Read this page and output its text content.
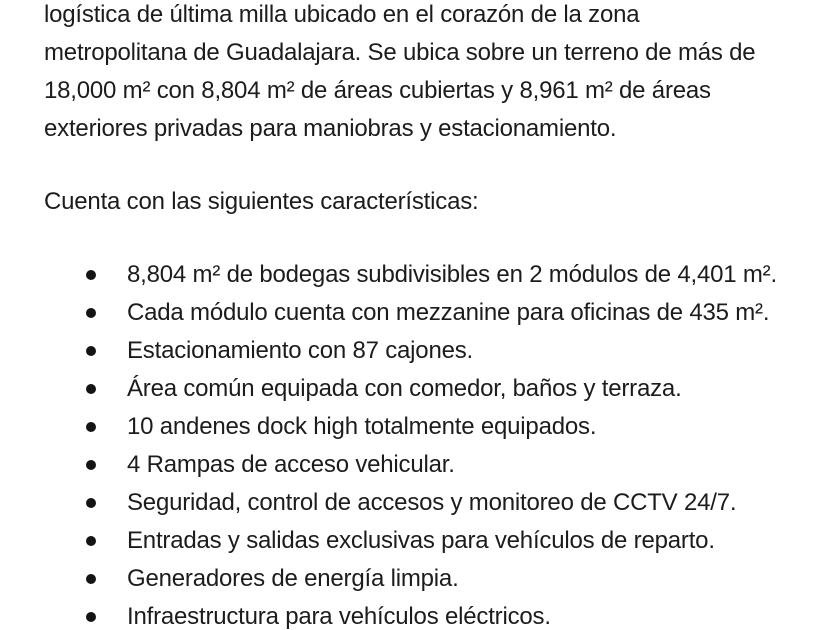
logística de última milla ubicado en el corazón de la zona
metropolitana de Guadalajara. Se ubica sobre un terreno de más de
18,000 m² con 8,804 m² de áreas cubiertas y 8,961 m² de áreas
exteriores privadas para maniobras y estacionamiento.
Cuenta con las siguientes características:
8,804 m² de bodegas subdivisibles en 2 módulos de 4,401 m².
Cada módulo cuenta con mezzanine para oficinas de 435 m².
Estacionamiento con 87 cajones.
Área común equipada con comedor, baños y terraza.
10 andenes dock high totalmente equipados.
4 Rampas de acceso vehicular.
Seguridad, control de accesos y monitoreo de CCTV 24/7.
Entradas y salidas exclusivas para vehículos de reparto.
Generadores de energía limpia.
Infraestructura para vehículos eléctricos.
